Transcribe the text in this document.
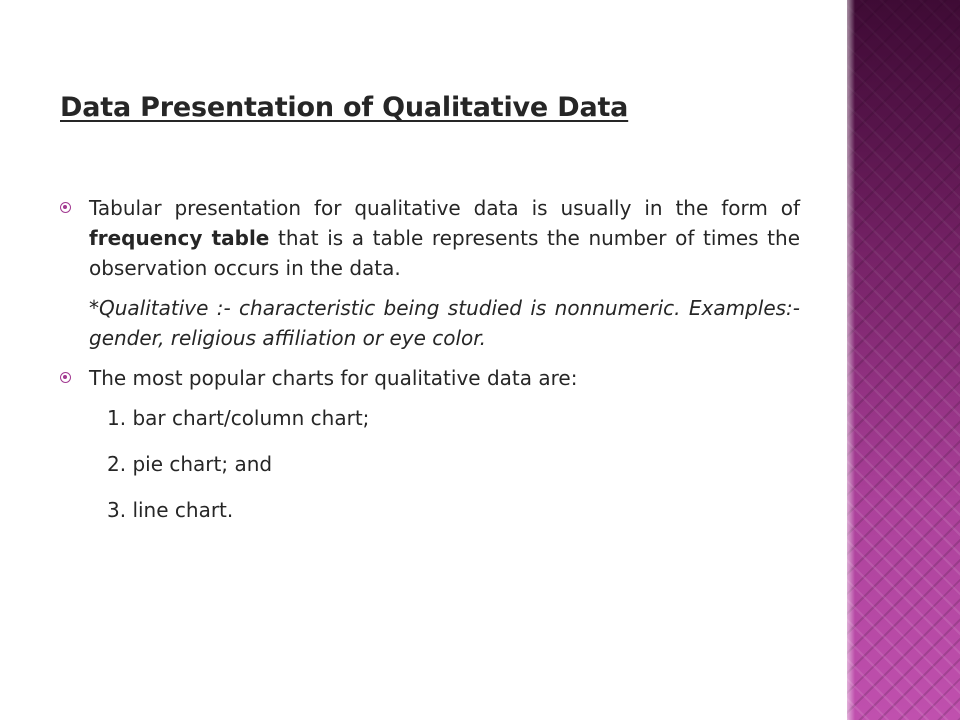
Data Presentation of Qualitative Data
Tabular presentation for qualitative data is usually in the form of frequency table that is a table represents the number of times the observation occurs in the data.
*Qualitative :- characteristic being studied is nonnumeric. Examples:- gender, religious affiliation or eye color.
The most popular charts for qualitative data are:
1. bar chart/column chart;
2. pie chart; and
3. line chart.
